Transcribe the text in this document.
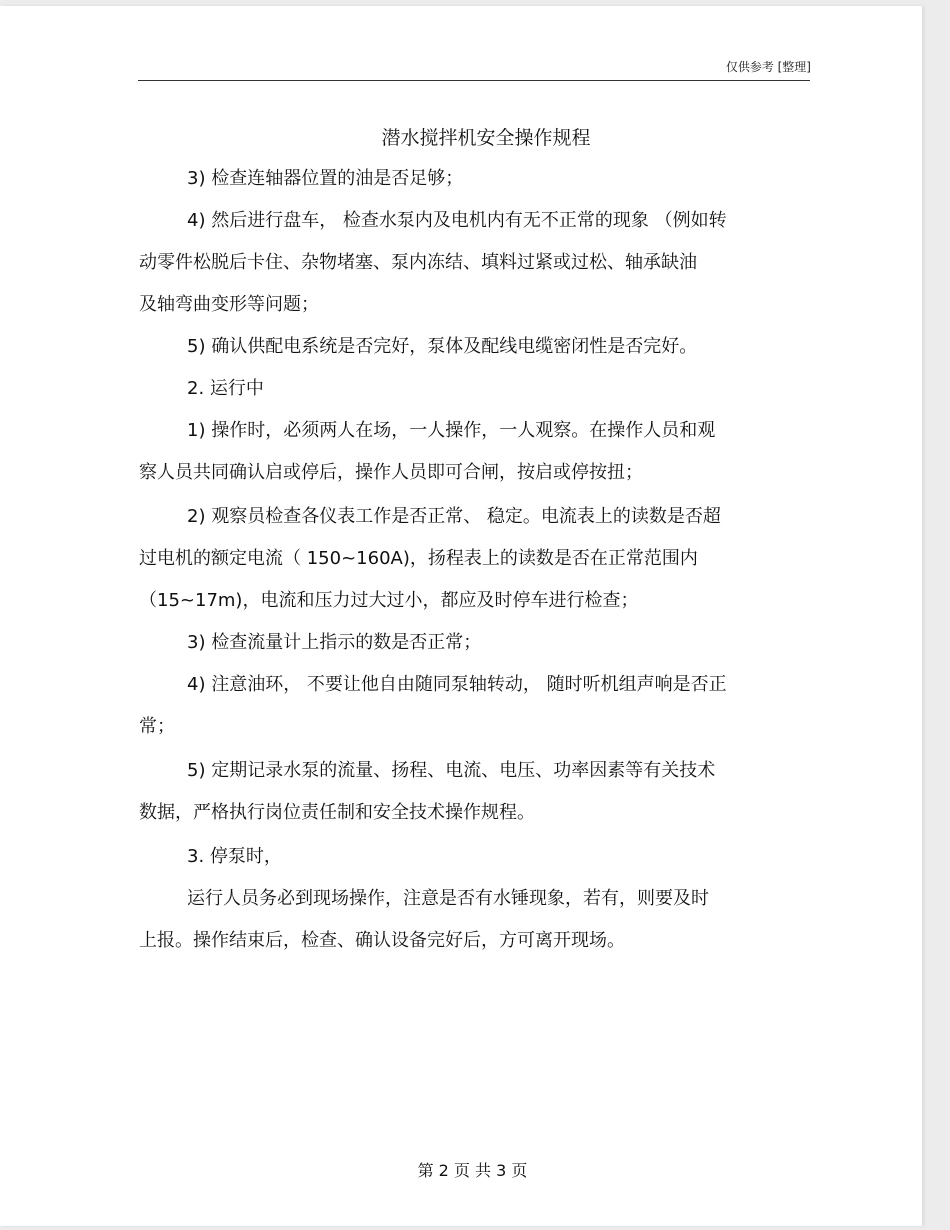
仅供参考 [整理]
潜水搅拌机安全操作规程
3) 检查连轴器位置的油是否足够；
4) 然后进行盘车， 检查水泵内及电机内有无不正常的现象 （例如转
动零件松脱后卡住、杂物堵塞、泵内冻结、填料过紧或过松、轴承缺油
及轴弯曲变形等问题；
5) 确认供配电系统是否完好，泵体及配线电缆密闭性是否完好。
2. 运行中
1) 操作时，必须两人在场，一人操作，一人观察。在操作人员和观
察人员共同确认启或停后，操作人员即可合闸，按启或停按扭；
2) 观察员检查各仪表工作是否正常、 稳定。电流表上的读数是否超
过电机的额定电流（ 150~160A)，扬程表上的读数是否在正常范围内
（15~17m)，电流和压力过大过小，都应及时停车进行检查；
3) 检查流量计上指示的数是否正常；
4) 注意油环， 不要让他自由随同泵轴转动， 随时听机组声响是否正
常；
5) 定期记录水泵的流量、扬程、电流、电压、功率因素等有关技术
数据，严格执行岗位责任制和安全技术操作规程。
3. 停泵时，
运行人员务必到现场操作，注意是否有水锤现象，若有，则要及时
上报。操作结束后，检查、确认设备完好后，方可离开现场。
第 2 页 共 3 页
